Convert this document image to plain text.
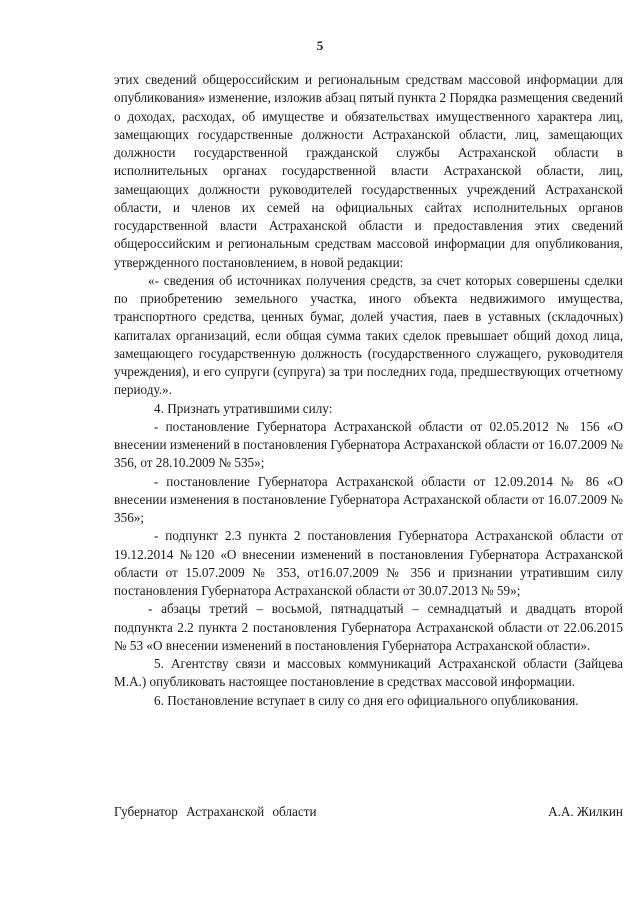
5

этих сведений общероссийским и региональным средствам массовой информации для опубликования» изменение, изложив абзац пятый пункта 2 Порядка размещения сведений о доходах, расходах, об имуществе и обязательствах имущественного характера лиц, замещающих государственные должности Астраханской области, лиц, замещающих должности государственной гражданской службы Астраханской области в исполнительных органах государственной власти Астраханской области, лиц, замещающих должности руководителей государственных учреждений Астраханской области, и членов их семей на официальных сайтах исполнительных органов государственной власти Астраханской области и предоставления этих сведений общероссийским и региональным средствам массовой информации для опубликования, утвержденного постановлением, в новой редакции:

«- сведения об источниках получения средств, за счет которых совершены сделки по приобретению земельного участка, иного объекта недвижимого имущества, транспортного средства, ценных бумаг, долей участия, паев в уставных (складочных) капиталах организаций, если общая сумма таких сделок превышает общий доход лица, замещающего государственную должность (государственного служащего, руководителя учреждения), и его супруги (супруга) за три последних года, предшествующих отчетному периоду.».

4. Признать утратившими силу:

- постановление Губернатора Астраханской области от 02.05.2012 № 156 «О внесении изменений в постановления Губернатора Астраханской области от 16.07.2009 № 356, от 28.10.2009 № 535»;

- постановление Губернатора Астраханской области от 12.09.2014 № 86 «О внесении изменения в постановление Губернатора Астраханской области от 16.07.2009 № 356»;

- подпункт 2.3 пункта 2 постановления Губернатора Астраханской области от 19.12.2014 №120 «О внесении изменений в постановления Губернатора Астраханской области от 15.07.2009 № 353, от16.07.2009 № 356 и признании утратившим силу постановления Губернатора Астраханской области от 30.07.2013 № 59»;

- абзацы третий – восьмой, пятнадцатый – семнадцатый и двадцать второй подпункта 2.2 пункта 2 постановления Губернатора Астраханской области от 22.06.2015 № 53 «О внесении изменений в постановления Губернатора Астраханской области».

5. Агентству связи и массовых коммуникаций Астраханской области (Зайцева М.А.) опубликовать настоящее постановление в средствах массовой информации.

6. Постановление вступает в силу со дня его официального опубликования.

Губернатор Астраханской области	А.А. Жилкин
